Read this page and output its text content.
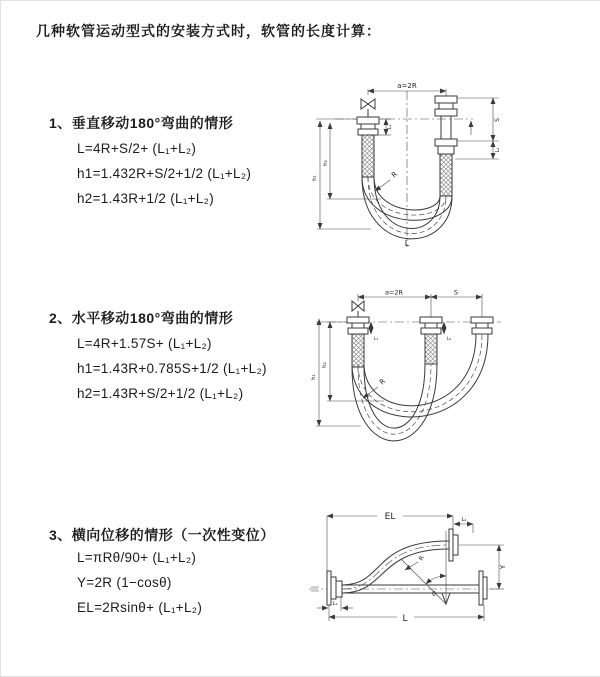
几种软管运动型式的安装方式时，软管的长度计算：
1、垂直移动180°弯曲的情形
L=4R+S/2+ (L₁+L₂)
h1=1.432R+S/2+1/2 (L₁+L₂)
h2=1.43R+1/2 (L₁+L₂)
2、水平移动180°弯曲的情形
L=4R+1.57S+ (L₁+L₂)
h1=1.43R+0.785S+1/2 (L₁+L₂)
h2=1.43R+S/2+1/2 (L₁+L₂)
3、横向位移的情形（一次性变位）
L=πRθ/90+ (L₁+L₂)
Y=2R (1−cosθ)
EL=2Rsinθ+ (L₁+L₂)
a=2R
L₁
h₁
h₂
S
L₂
R
L
a=2R	S
L₁	L₂
h₁
h₂
R
EL	L₂
Y
R
θ
L
L₁
